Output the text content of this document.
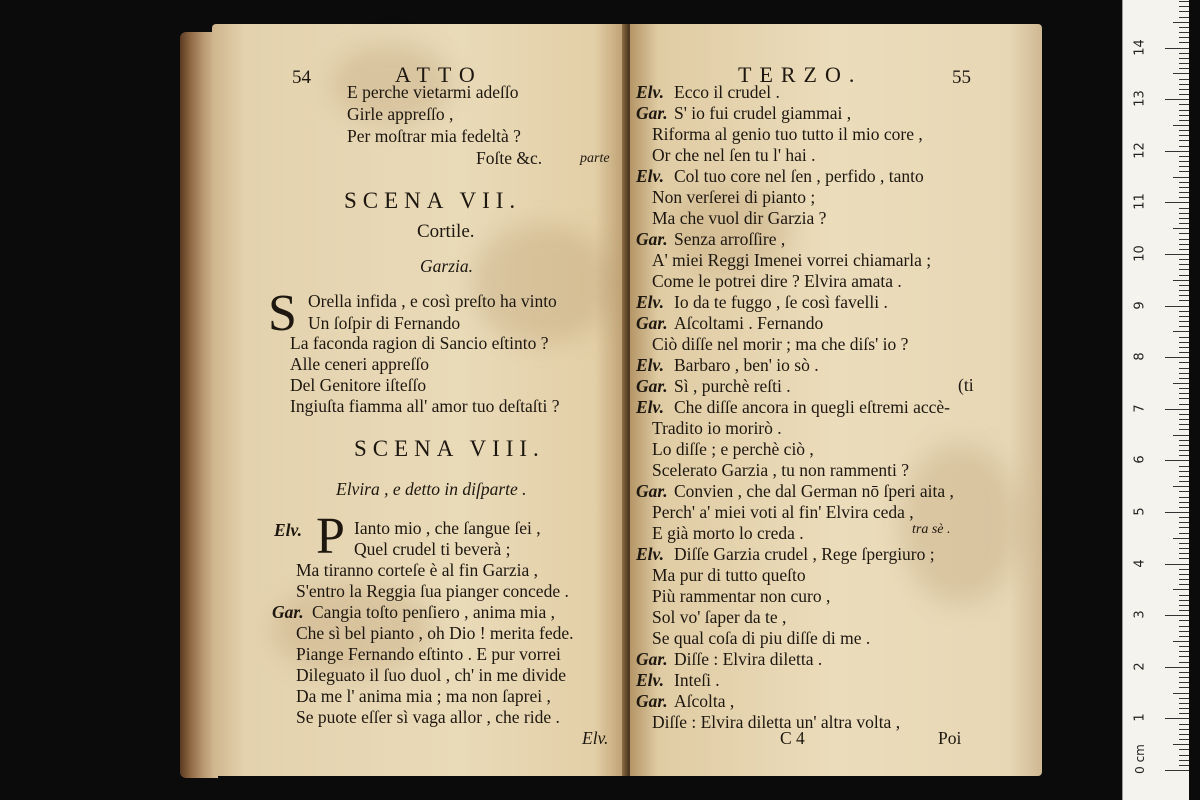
54	ATTO
E perche vietarmi adeſſo
Girle appreſſo ,
Per moſtrar mia fedeltà ?
Foſte &c.	parte
SCENA VII.
Cortile.
Garzia.
S Orella infida , e così preſto ha vinto
Un ſoſpir di Fernando
La faconda ragion di Sancio eſtinto ?
Alle ceneri appreſſo
Del Genitore iſteſſo
Ingiuſta fiamma all' amor tuo deſtaſti ?
SCENA VIII.
Elvira , e detto in diſparte .
Elv. P Ianto mio , che ſangue ſei ,
Quel crudel ti beverà ;
Ma tiranno corteſe è al fin Garzia ,
S'entro la Reggia ſua pianger concede .
Gar. Cangia toſto penſiero , anima mia ,
Che sì bel pianto , oh Dio ! merita fede.
Piange Fernando eſtinto . E pur vorrei
Dileguato il ſuo duol , ch' in me divide
Da me l' anima mia ; ma non ſaprei ,
Se puote eſſer sì vaga allor , che ride .
Elv.
TERZO.	55
Elv. Ecco il crudel .
Gar. S' io fui crudel giammai ,
Riforma al genio tuo tutto il mio core ,
Or che nel ſen tu l' hai .
Elv. Col tuo core nel ſen , perfido , tanto
Non verſerei di pianto ;
Ma che vuol dir Garzia ?
Gar. Senza arroſſire ,
A' miei Reggi Imenei vorrei chiamarla ;
Come le potrei dire ? Elvira amata .
Elv. Io da te fuggo , ſe così favelli .
Gar. Aſcoltami . Fernando
Ciò diſſe nel morir ; ma che diſs' io ?
Elv. Barbaro , ben' io sò .
Gar. Sì , purchè reſti .
Elv. Che diſſe ancora in quegli eſtremi accè-
Tradito io morirò .
Lo diſſe ; e perchè ciò ,
Scelerato Garzia , tu non rammenti ?
Gar. Convien , che dal German nō ſperi aita ,
Perch' a' miei voti al fin' Elvira ceda ,
E già morto lo creda .
Elv. Diſſe Garzia crudel , Rege ſpergiuro ;
Ma pur di tutto queſto
Più rammentar non curo ,
Sol vo' ſaper da te ,
Se qual coſa di piu diſſe di me .
Gar. Diſſe : Elvira diletta .
Elv. Inteſi .
Gar. Aſcolta ,
Diſſe : Elvira diletta un' altra volta ,
(ti
tra sè .
C 4	Poi
1
2
3
4
5
6
7
8
9
10
11
12
13
14
0 cm
